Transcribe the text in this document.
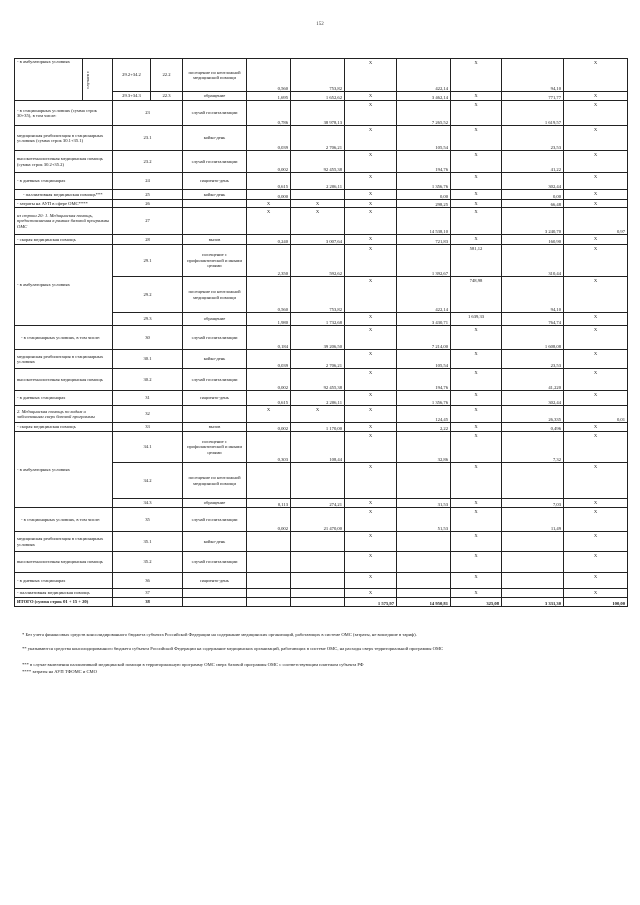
152
- в амбулаторных условиях	случаев с	29.2+34.2	22.2	посещение по неотложной медицинской помощи	0,560	753,82	Х	422,14	Х	94,10	Х
		29.3+34.3	22.3	обращение	1,695	1 652,62	Х	3 462,14	Х	771,77	Х
- в стационарных условиях (сумма строк 30+35), в том числе:		23		случай госпитализации	0,786	38 978,13	Х	7 265,52	Х	1 619,57	Х
медицинская реабилитация в стационарных условиях (сумма строк 30.1+35.1)		23.1		койко-день	0,039	2 706,21	Х	105,54	Х	23,53	Х
высокотехнологичная медицинская помощь (сумма строк 30.2+35.2)		23.2		случай госпитализации	0,002	92 455,38	Х	194,76	Х	41,22	Х
- в дневных стационарах		24		пациенто-день	0,615	2 206,11	Х	1 356,76	Х	302,44	Х
- паллиативная медицинская помощь***		25		койко-день	0,000		Х	0,00	Х	0,00	Х
- затраты на АУП в сфере ОМС****		26			Х	Х	Х	298,25	Х	66,48	Х
из строки 20: 1. Медицинская помощь, предоставляемая в рамках базовой программы ОМС		27			Х	Х	Х	14 538,10	Х	3 240,70	0,97
- скорая медицинская помощь		28		вызов	0,240	3 007,64	Х	721,83	Х	160,90	Х
- в амбулаторных условиях		29.1		посещение с профилактической и иными целями	2,350	592,62	Х	1 392,67	581,12	310,44	Х
		29.2		посещение по неотложной медицинской помощи	0,560	753,82	Х	422,14	748,98	94,10	Х
		29.3		обращение	1,980	1 732,68	Х	3 430,71	1 639,33	764,74	Х
- в стационарных условиях, в том числе:		30		случай госпитализации	0,184	39 206,50	Х	7 214,00	Х	1 608,08	Х
медицинская реабилитация в стационарных условиях		30.1		койко-день	0,039	2 706,21	Х	105,54	Х	23,53	Х
высокотехнологичная медицинская помощь		30.2		случай госпитализации	0,002	92 455,38	Х	194,76	Х	41,220	Х
- в дневных стационарах		31		пациенто-день	0,615	2 206,11	Х	1 356,76	Х	302,44	Х
2. Медицинская помощь по видам и заболеваниям сверх базовой программы		32			Х	Х	Х	124,45	Х	26,335	0,01
- скорая медицинская помощь		33		вызов	0,002	1 170,00	Х	2,22	Х	0,496	Х
- в амбулаторных условиях		34.1		посещение с профилактической и иными целями	0,303	108,44	Х	32,86	Х	7,32	Х
		34.2		посещение по неотложной медицинской помощи			Х		Х		Х
		34.3		обращение	0,113	274,21	Х	31,53	Х	7,03	Х
- в стационарных условиях, в том числе:		35		случай госпитализации	0,002	21 470,00	Х	51,53	Х	11,49	Х
медицинская реабилитация в стационарных условиях		35.1		койко-день			Х		Х		Х
высокотехнологичная медицинская помощь		35.2		случай госпитализации			Х		Х		Х
- в дневных стационарах		36		пациенто-день			Х		Х		Х
- паллиативная медицинская помощь		37					Х		Х		Х
ИТОГО (сумма строк 01 + 15 + 20)		38					1 575,97	14 950,81	325,08	3 331,30	100,00
* Без учета финансовых средств консолидированного бюджета субъекта Российской Федерации на содержание медицинских организаций, работающих в системе ОМС (затраты, не вошедшие в тариф).
** указываются средства консолидированного бюджета субъекта Российской Федерации на содержание медицинских организаций, работающих в системе ОМС, на расходы сверх территориальной программы ОМС
*** в случае включения паллиативной медицинской помощи в территориальную программу ОМС сверх базовой программы ОМС с соответствующим платежом субъекта РФ
**** затраты на АУП ТФОМС и СМО
